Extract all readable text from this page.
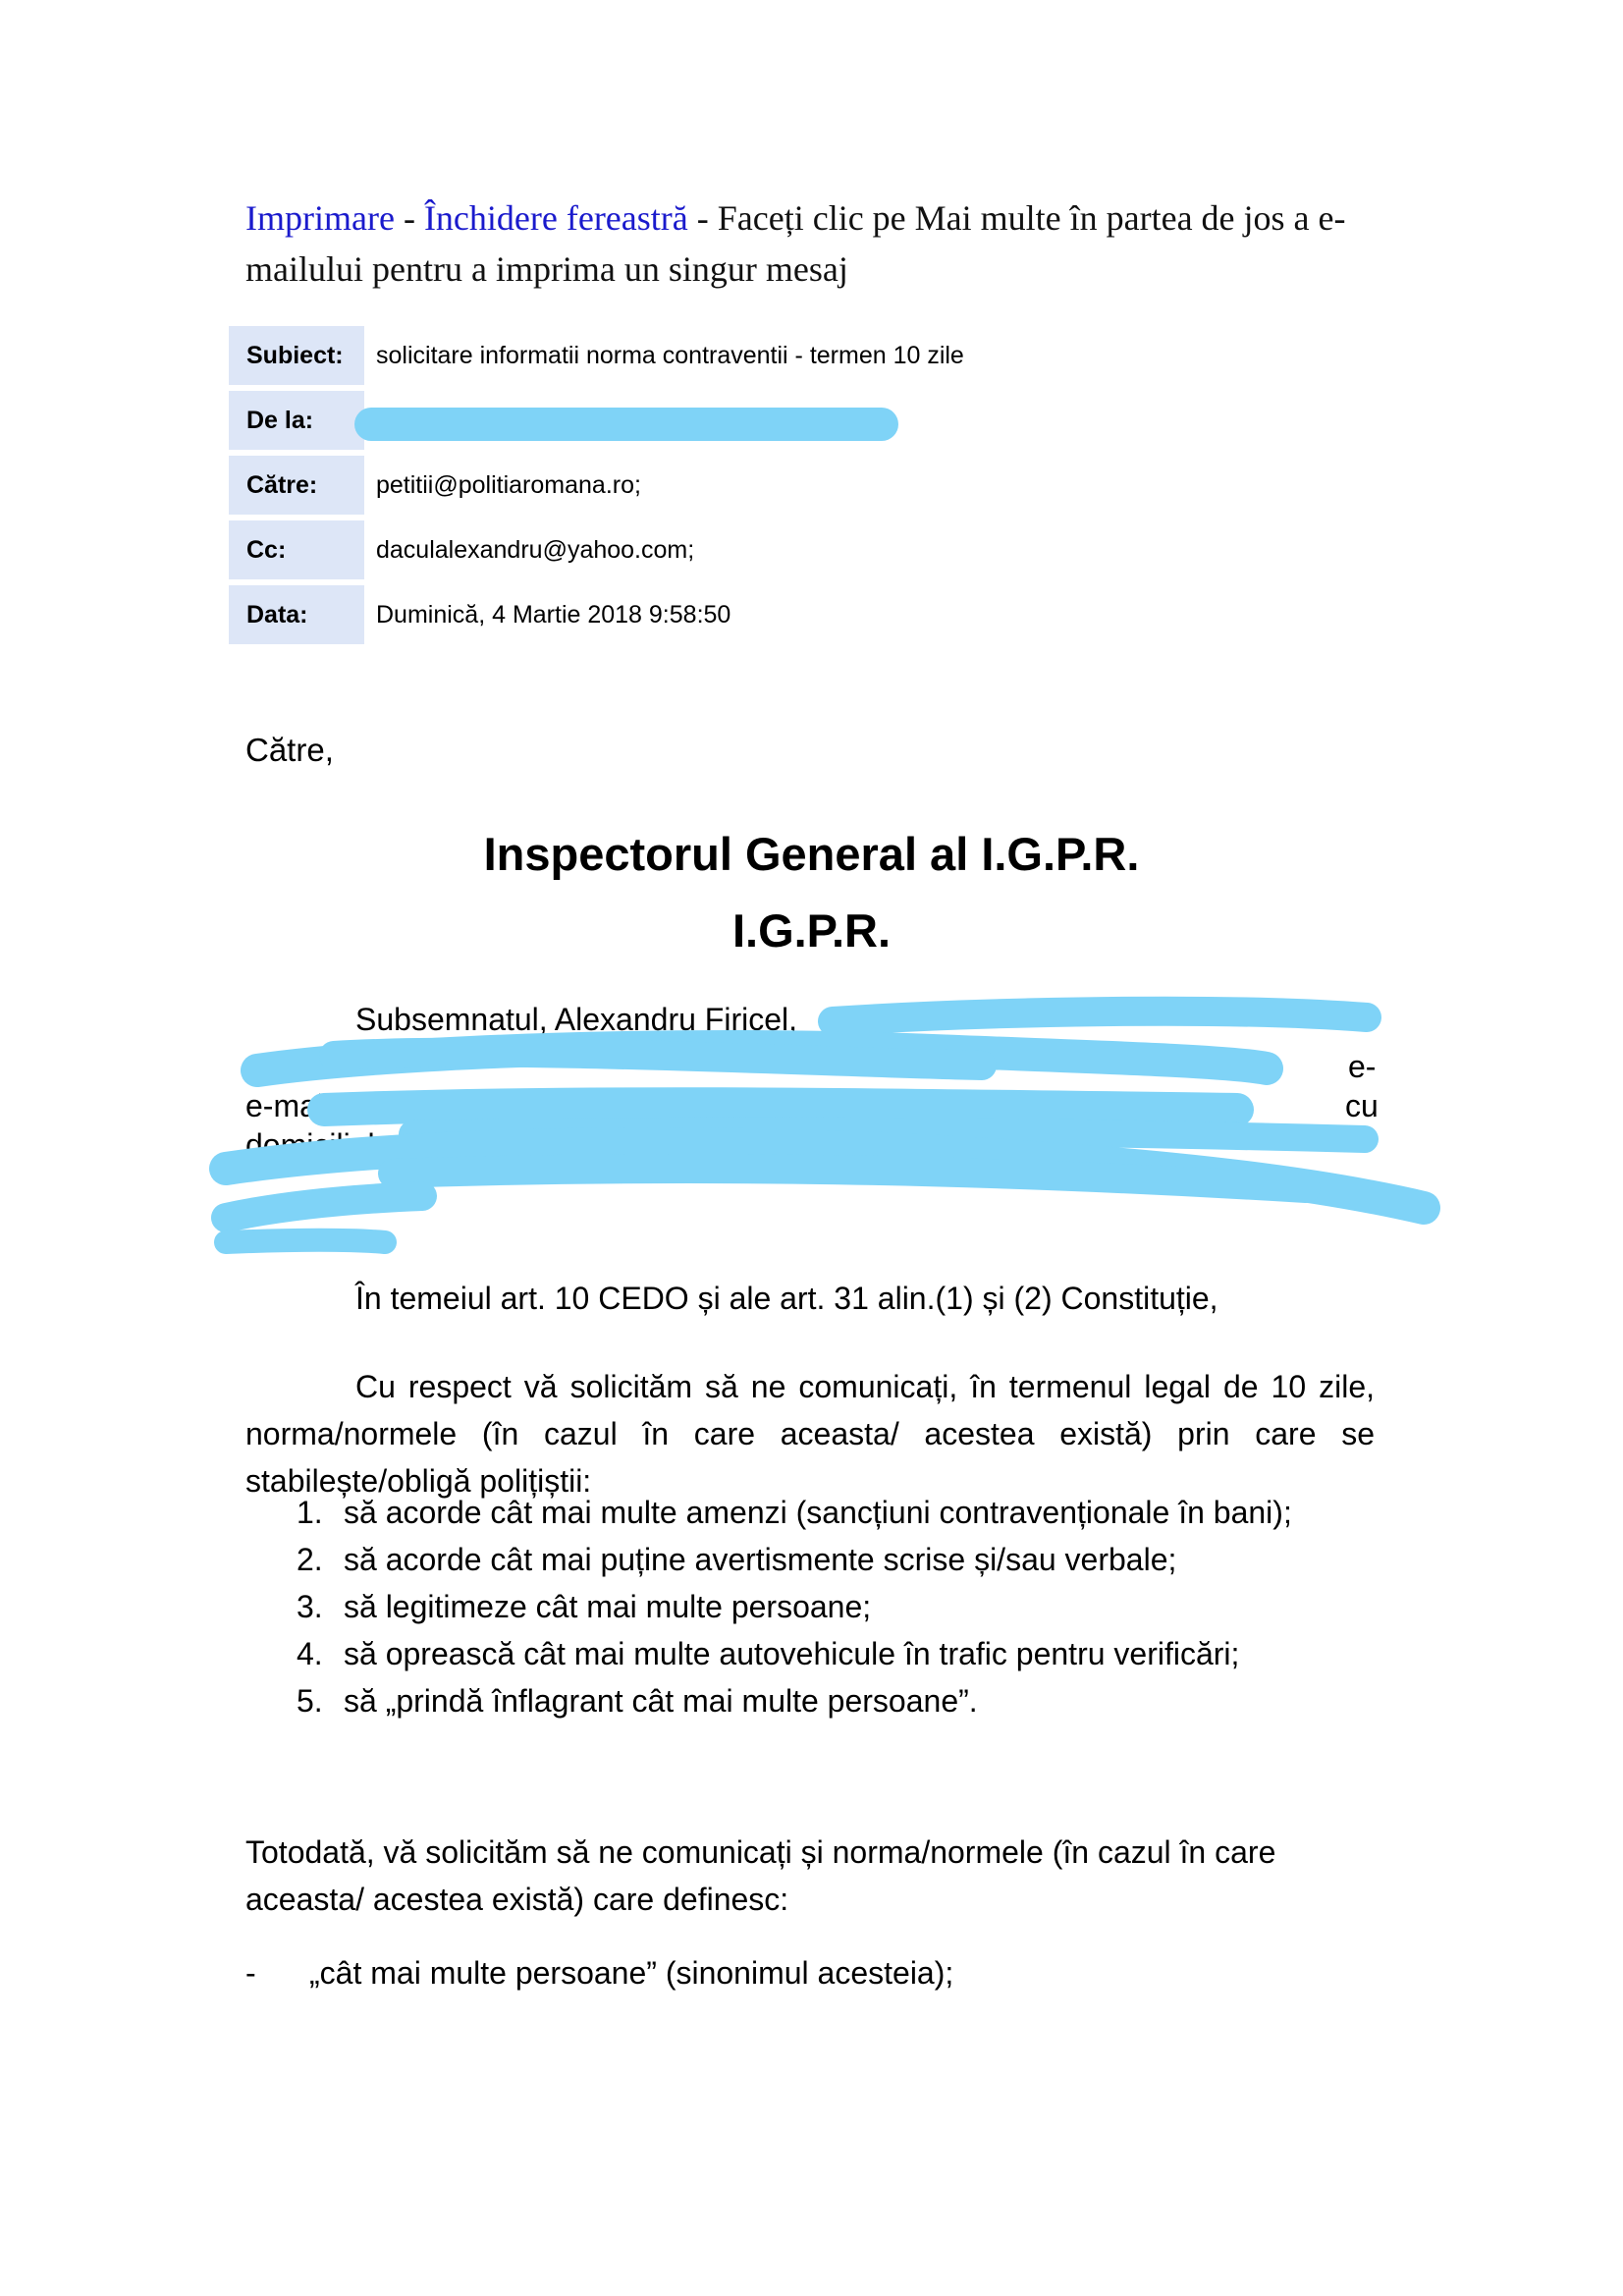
Imprimare - Închidere fereastră - Faceți clic pe Mai multe în partea de jos a e-mailului pentru a imprima un singur mesaj
Subiect:	solicitare informatii norma contraventii - termen 10 zile
De la:	)
Către:	petitii@politiaromana.ro;
Cc:	daculalexandru@yahoo.com;
Data:	Duminică, 4 Martie 2018 9:58:50
Către,
Inspectorul General al I.G.P.R.
I.G.P.R.
Subsemnatul, Alexandru Firicel,
e-
e-mail:	cu
domiciliul
În temeiul art. 10 CEDO și ale art. 31 alin.(1) și (2) Constituție,
Cu respect vă solicităm să ne comunicați, în termenul legal de 10 zile, norma/normele (în cazul în care aceasta/ acestea există) prin care se stabilește/obligă polițiștii:
1. să acorde cât mai multe amenzi (sancțiuni contravenționale în bani);
2. să acorde cât mai puține avertismente scrise și/sau verbale;
3. să legitimeze cât mai multe persoane;
4. să oprească cât mai multe autovehicule în trafic pentru verificări;
5. să „prindă înflagrant cât mai multe persoane”.
Totodată, vă solicităm să ne comunicați și norma/normele (în cazul în care aceasta/ acestea există) care definesc:
- „cât mai multe persoane” (sinonimul acesteia);
